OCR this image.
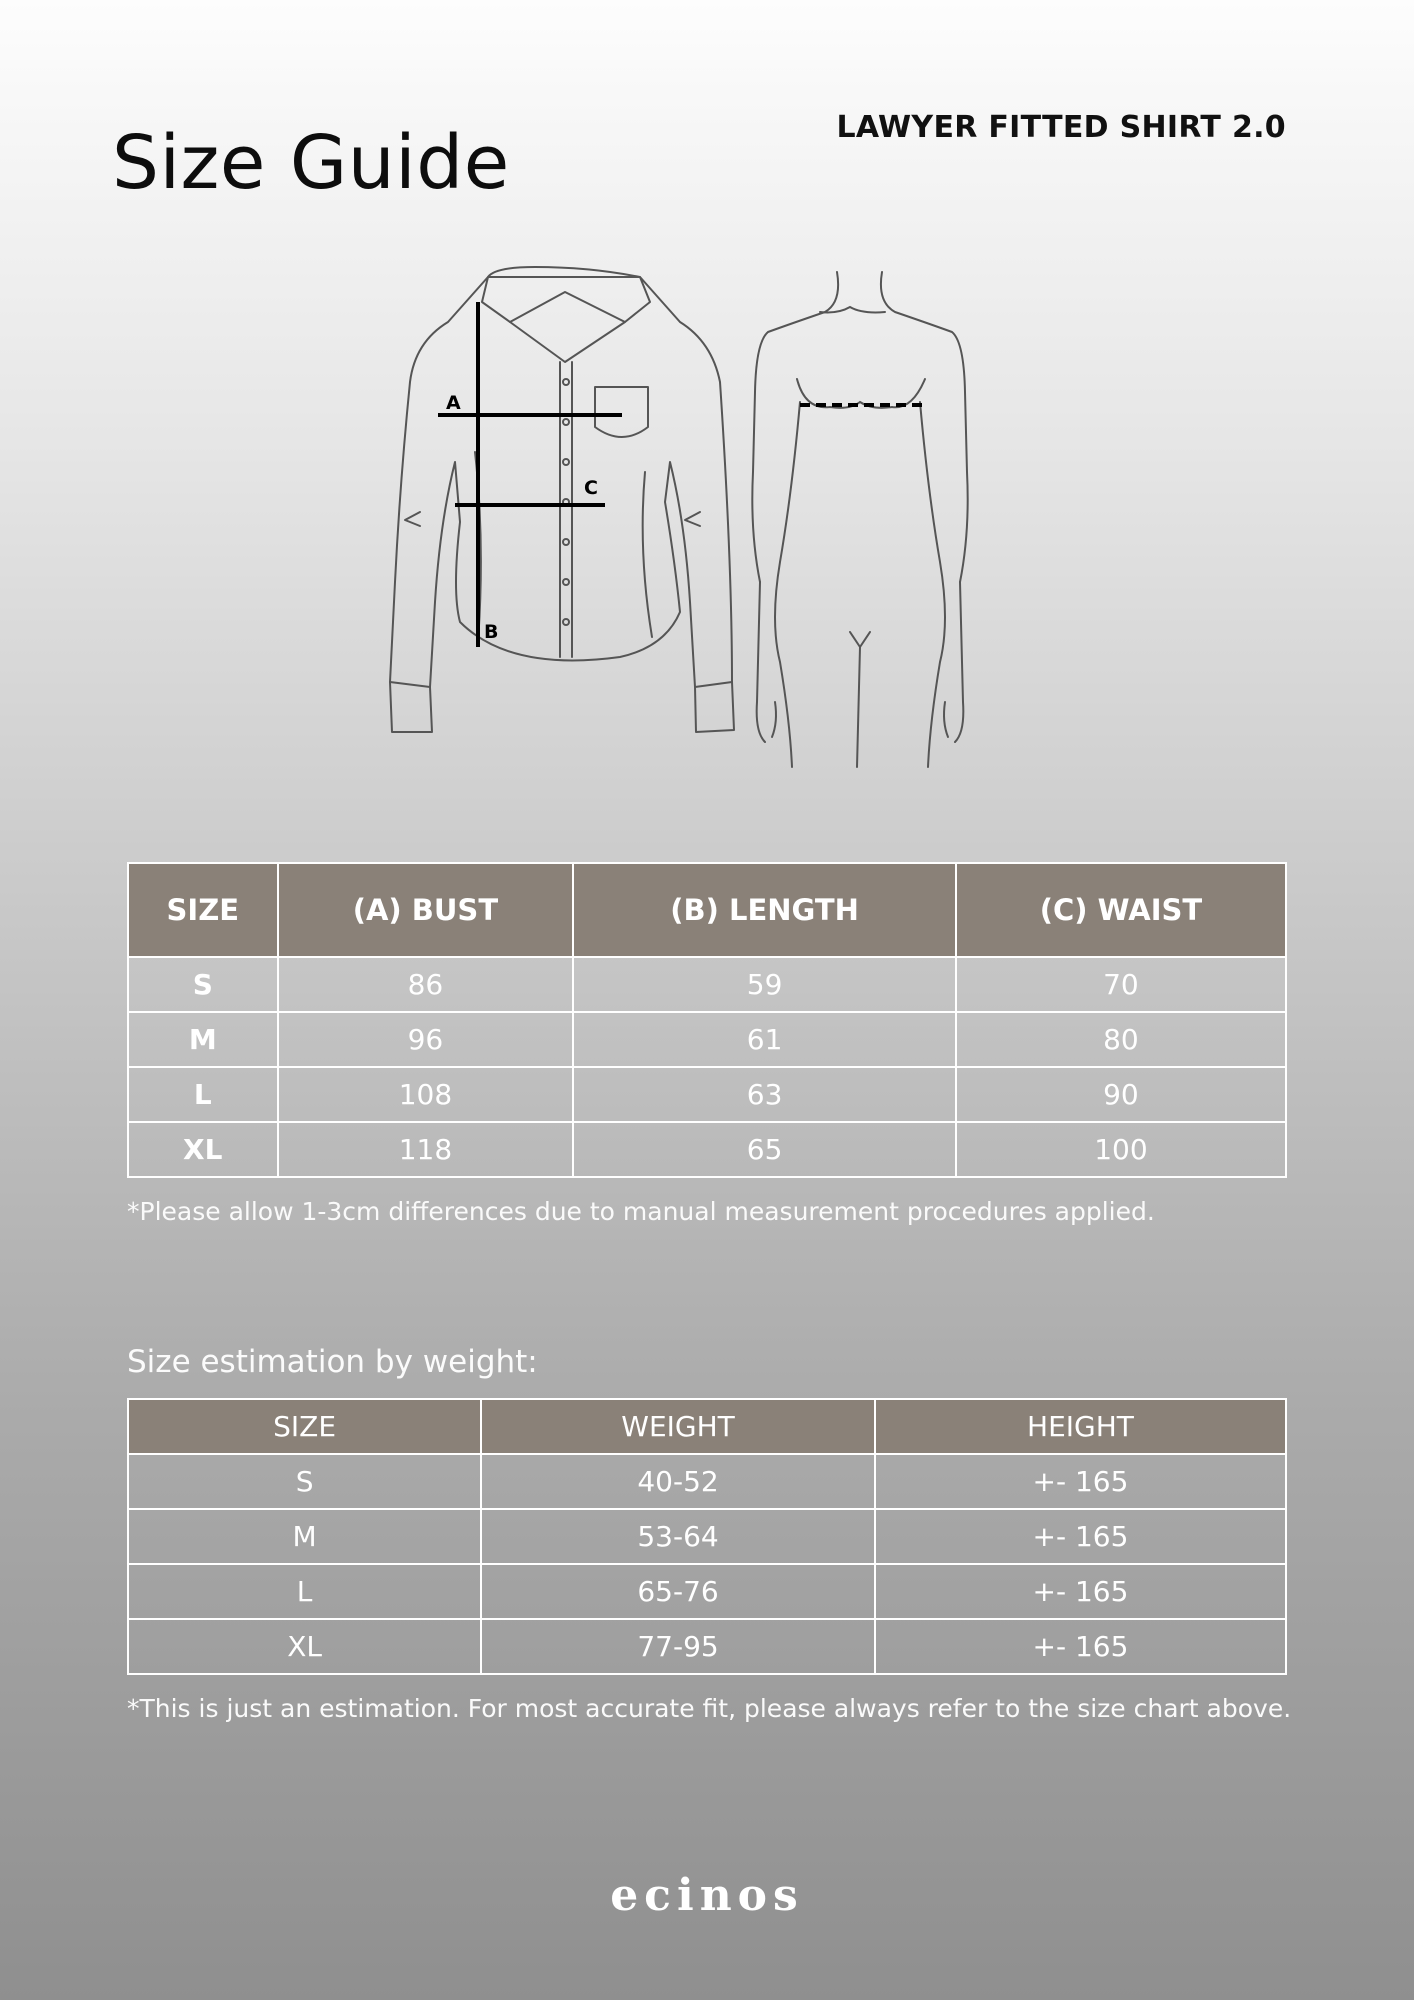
Size Guide	LAWYER FITTED SHIRT 2.0
A
B
C
SIZE	(A) BUST	(B) LENGTH	(C) WAIST
S	86	59	70
M	96	61	80
L	108	63	90
XL	118	65	100

*Please allow 1-3cm differences due to manual measurement procedures applied.

Size estimation by weight:
SIZE	WEIGHT	HEIGHT
S	40-52	+- 165
M	53-64	+- 165
L	65-76	+- 165
XL	77-95	+- 165

*This is just an estimation. For most accurate fit, please always refer to the size chart above.

ecinos
